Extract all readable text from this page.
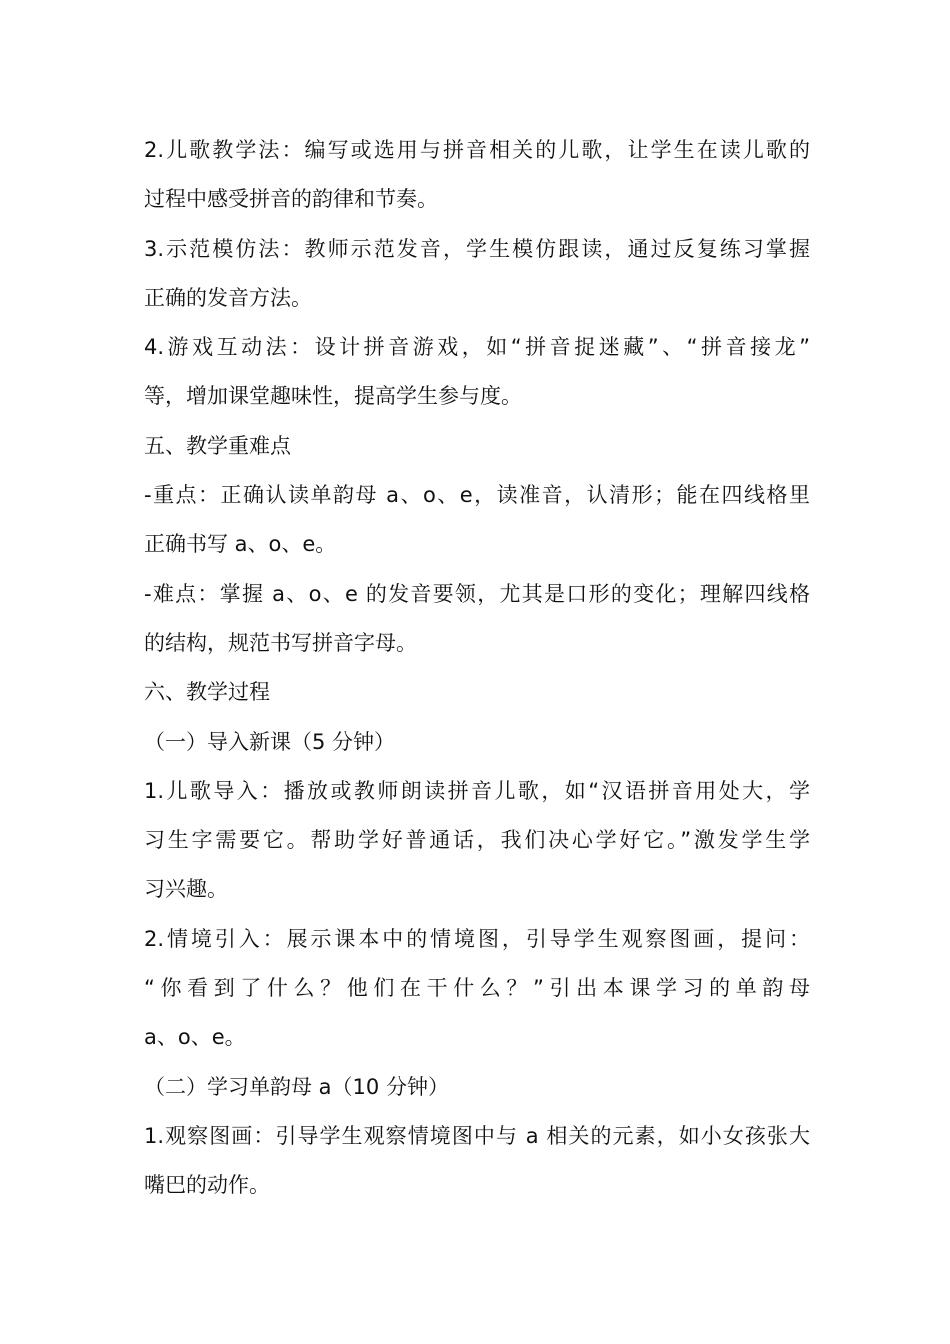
2.儿歌教学法：编写或选用与拼音相关的儿歌，让学生在读儿歌的
过程中感受拼音的韵律和节奏。
3.示范模仿法：教师示范发音，学生模仿跟读，通过反复练习掌握
正确的发音方法。
4.游戏互动法：设计拼音游戏，如“拼音捉迷藏”、“拼音接龙”
等，增加课堂趣味性，提高学生参与度。
五、教学重难点
-重点：正确认读单韵母 a、o、e，读准音，认清形；能在四线格里
正确书写 a、o、e。
-难点：掌握 a、o、e 的发音要领，尤其是口形的变化；理解四线格
的结构，规范书写拼音字母。
六、教学过程
（一）导入新课（5 分钟）
1.儿歌导入：播放或教师朗读拼音儿歌，如“汉语拼音用处大，学
习生字需要它。帮助学好普通话，我们决心学好它。”激发学生学
习兴趣。
2.情境引入：展示课本中的情境图，引导学生观察图画，提问：
“你看到了什么？他们在干什么？”引出本课学习的单韵母
a、o、e。
（二）学习单韵母 a（10 分钟）
1.观察图画：引导学生观察情境图中与 a 相关的元素，如小女孩张大
嘴巴的动作。
